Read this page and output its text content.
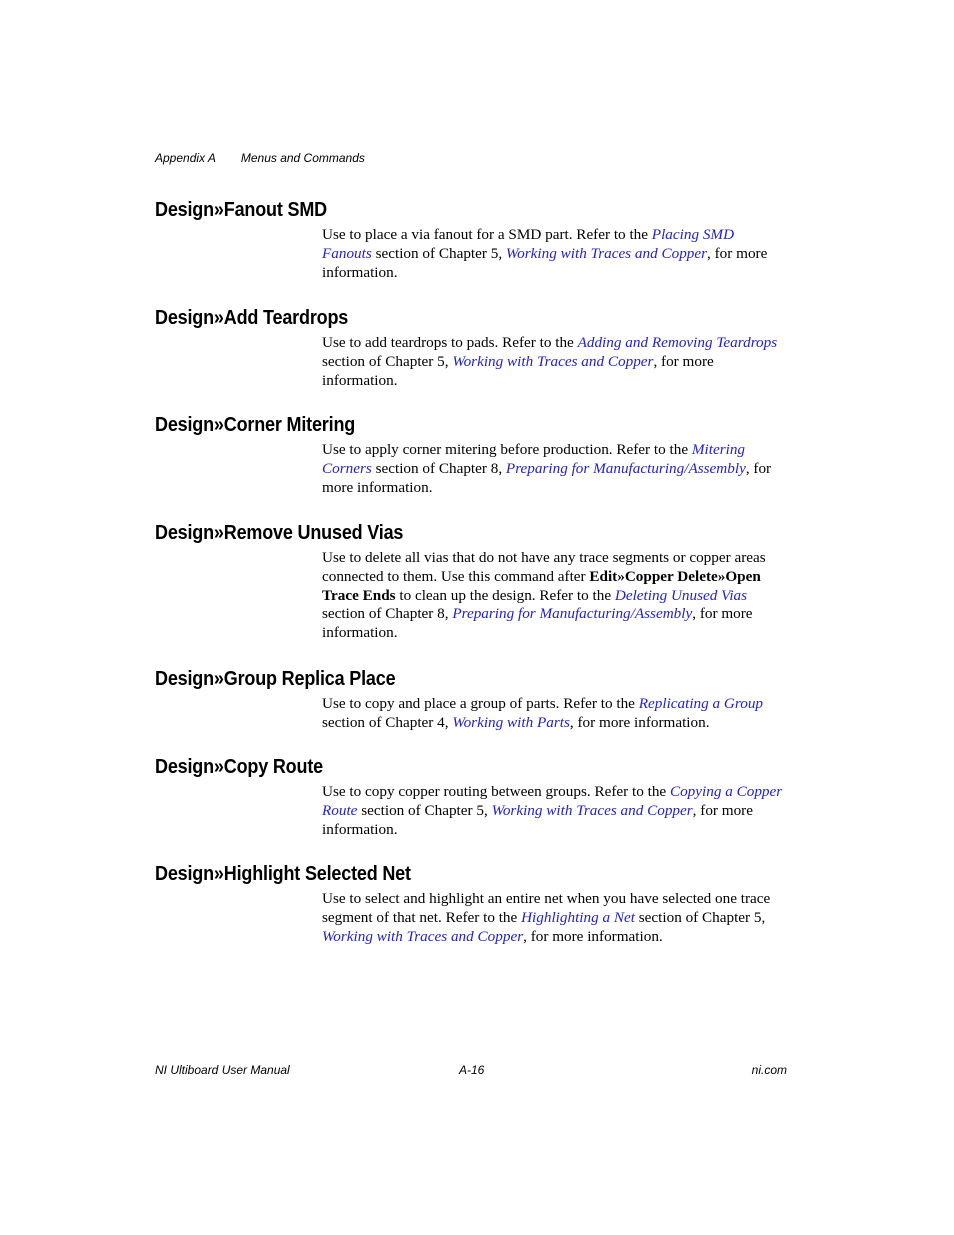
Appendix A Menus and Commands
Design»Fanout SMD

Use to place a via fanout for a SMD part. Refer to the Placing SMD Fanouts section of Chapter 5, Working with Traces and Copper, for more information.

Design»Add Teardrops

Use to add teardrops to pads. Refer to the Adding and Removing Teardrops section of Chapter 5, Working with Traces and Copper, for more information.

Design»Corner Mitering

Use to apply corner mitering before production. Refer to the Mitering Corners section of Chapter 8, Preparing for Manufacturing/Assembly, for more information.

Design»Remove Unused Vias

Use to delete all vias that do not have any trace segments or copper areas connected to them. Use this command after Edit»Copper Delete»Open Trace Ends to clean up the design. Refer to the Deleting Unused Vias section of Chapter 8, Preparing for Manufacturing/Assembly, for more information.

Design»Group Replica Place

Use to copy and place a group of parts. Refer to the Replicating a Group section of Chapter 4, Working with Parts, for more information.

Design»Copy Route

Use to copy copper routing between groups. Refer to the Copying a Copper Route section of Chapter 5, Working with Traces and Copper, for more information.

Design»Highlight Selected Net

Use to select and highlight an entire net when you have selected one trace segment of that net. Refer to the Highlighting a Net section of Chapter 5, Working with Traces and Copper, for more information.

NI Ultiboard User Manual	A-16	ni.com
